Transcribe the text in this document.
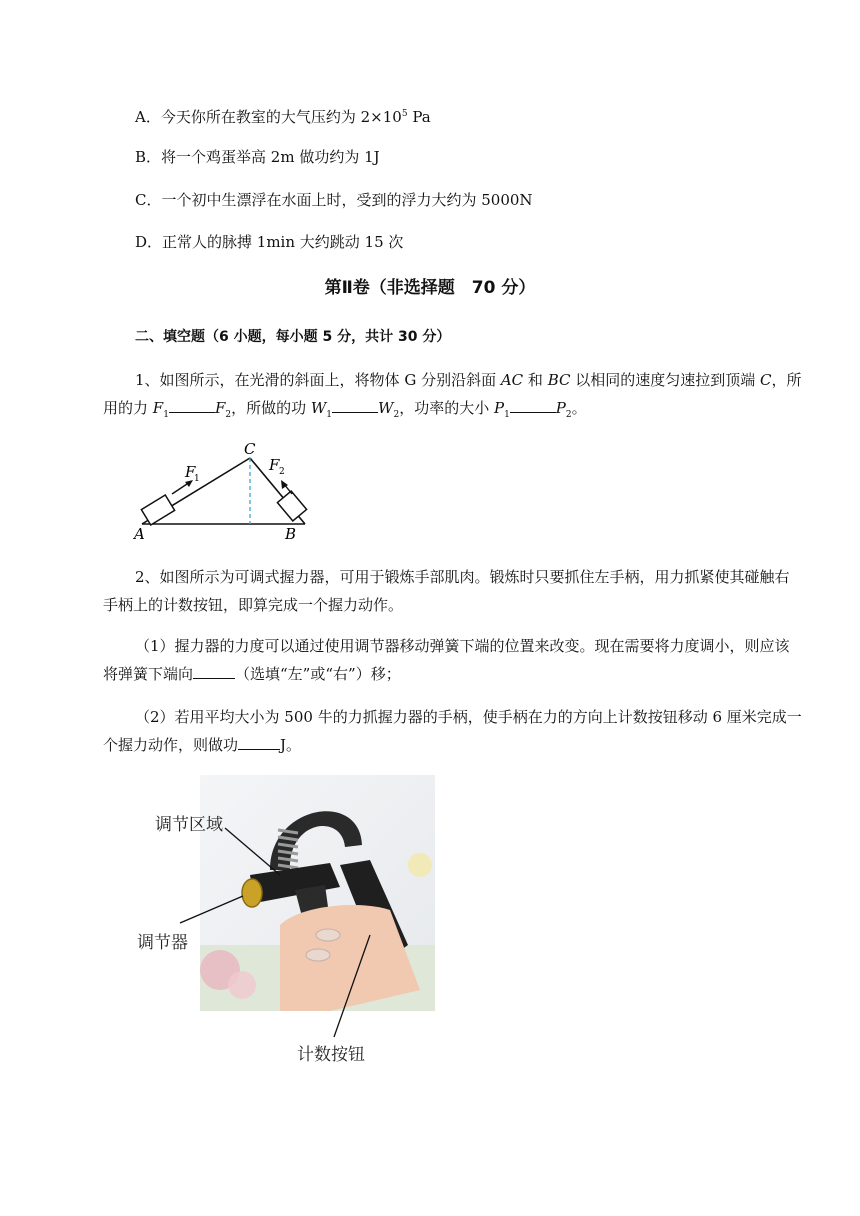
A．今天你所在教室的大气压约为 $2\times 10^5$ Pa
B．将一个鸡蛋举高 2m 做功约为 1J
C．一个初中生漂浮在水面上时，受到的浮力大约为 5000N
D．正常人的脉搏 1min 大约跳动 15 次
第Ⅱ卷（非选择题　70 分）
二、填空题（6 小题，每小题 5 分，共计 30 分）
1、如图所示，在光滑的斜面上，将物体 G 分别沿斜面 AC 和 BC 以相同的速度匀速拉到顶端 C，所用的力 $F_1$	$F_2$，所做的功 $W_1$	$W_2$，功率的大小 $P_1$	$P_2$。
A	B
C
F
1
F 2
2、如图所示为可调式握力器，可用于锻炼手部肌肉。锻炼时只要抓住左手柄，用力抓紧使其碰触右手柄上的计数按钮，即算完成一个握力动作。
（1）握力器的力度可以通过使用调节器移动弹簧下端的位置来改变。现在需要将力度调小，则应该将弹簧下端向	（选填“左”或“右”）移；
（2）若用平均大小为 500 牛的力抓握力器的手柄，使手柄在力的方向上计数按钮移动 6 厘米完成一个握力动作，则做功	J。
调节区域
调节器
计数按钮
